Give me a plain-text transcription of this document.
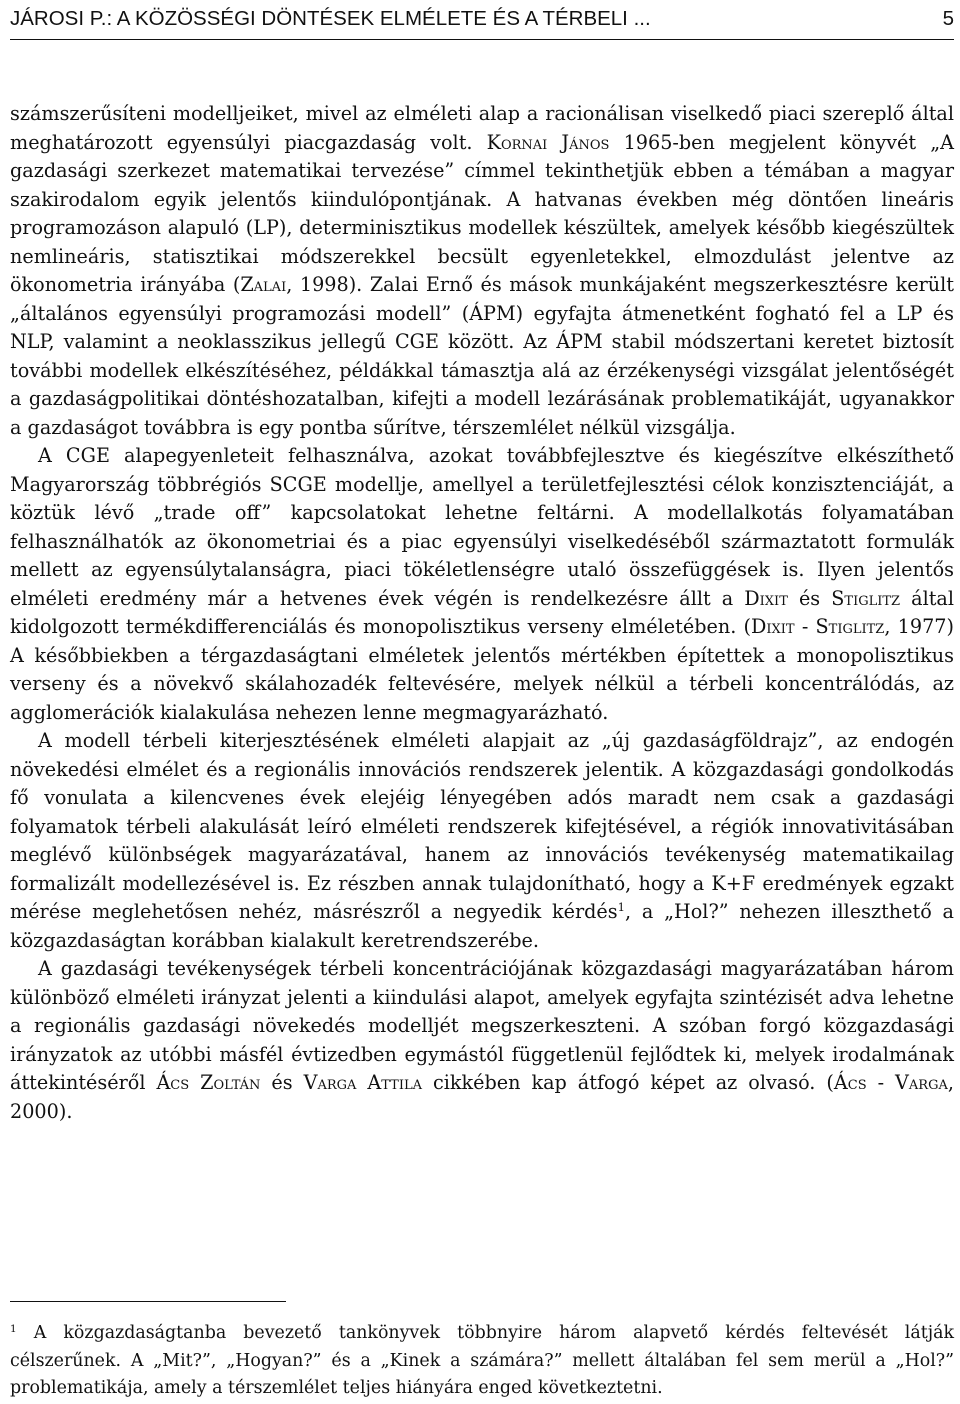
JÁROSI P.: A KÖZÖSSÉGI DÖNTÉSEK ELMÉLETE ÉS A TÉRBELI ...	5

számszerűsíteni modelljeiket, mivel az elméleti alap a racionálisan viselkedő piaci szereplő által meghatározott egyensúlyi piacgazdaság volt. Kornai János 1965-ben megjelent könyvét „A gazdasági szerkezet matematikai tervezése” címmel tekinthetjük ebben a témában a magyar szakirodalom egyik jelentős kiindulópontjának. A hatvanas években még döntően lineáris programozáson alapuló (LP), determinisztikus modellek készültek, amelyek később kiegészültek nemlineáris, statisztikai módszerekkel becsült egyenletekkel, elmozdulást jelentve az ökonometria irányába (Zalai, 1998). Zalai Ernő és mások munkájaként megszerkesztésre került „általános egyensúlyi programozási modell” (ÁPM) egyfajta átmenetként fogható fel a LP és NLP, valamint a neoklasszikus jellegű CGE között. Az ÁPM stabil módszertani keretet biztosít további modellek elkészítéséhez, példákkal támasztja alá az érzékenységi vizsgálat jelentőségét a gazdaságpolitikai döntéshozatalban, kifejti a modell lezárásának problematikáját, ugyanakkor a gazdaságot továbbra is egy pontba sűrítve, térszemlélet nélkül vizsgálja.

A CGE alapegyenleteit felhasználva, azokat továbbfejlesztve és kiegészítve elkészíthető Magyarország többrégiós SCGE modellje, amellyel a területfejlesztési célok konzisztenciáját, a köztük lévő „trade off” kapcsolatokat lehetne feltárni. A modellalkotás folyamatában felhasználhatók az ökonometriai és a piac egyensúlyi viselkedéséből származtatott formulák mellett az egyensúlytalanságra, piaci tökéletlenségre utaló összefüggések is. Ilyen jelentős elméleti eredmény már a hetvenes évek végén is rendelkezésre állt a Dixit és Stiglitz által kidolgozott termékdifferenciálás és monopolisztikus verseny elméletében. (Dixit - Stiglitz, 1977) A későbbiekben a térgazdaságtani elméletek jelentős mértékben építettek a monopolisztikus verseny és a növekvő skálahozadék feltevésére, melyek nélkül a térbeli koncentrálódás, az agglomerációk kialakulása nehezen lenne megmagyarázható.

A modell térbeli kiterjesztésének elméleti alapjait az „új gazdaságföldrajz”, az endogén növekedési elmélet és a regionális innovációs rendszerek jelentik. A közgazdasági gondolkodás fő vonulata a kilencvenes évek elejéig lényegében adós maradt nem csak a gazdasági folyamatok térbeli alakulását leíró elméleti rendszerek kifejtésével, a régiók innovativitásában meglévő különbségek magyarázatával, hanem az innovációs tevékenység matematikailag formalizált modellezésével is. Ez részben annak tulajdonítható, hogy a K+F eredmények egzakt mérése meglehetősen nehéz, másrészről a negyedik kérdés$^1$, a „Hol?” nehezen illeszthető a közgazdaságtan korábban kialakult keretrendszerébe.

A gazdasági tevékenységek térbeli koncentrációjának közgazdasági magyarázatában három különböző elméleti irányzat jelenti a kiindulási alapot, amelyek egyfajta szintézisét adva lehetne a regionális gazdasági növekedés modelljét megszerkeszteni. A szóban forgó közgazdasági irányzatok az utóbbi másfél évtizedben egymástól függetlenül fejlődtek ki, melyek irodalmának áttekintéséről Ács Zoltán és Varga Attila cikkében kap átfogó képet az olvasó. (Ács - Varga, 2000).

$^1$ A közgazdaságtanba bevezető tankönyvek többnyire három alapvető kérdés feltevését látják célszerűnek. A „Mit?”, „Hogyan?” és a „Kinek a számára?” mellett általában fel sem merül a „Hol?” problematikája, amely a térszemlélet teljes hiányára enged következtetni.
